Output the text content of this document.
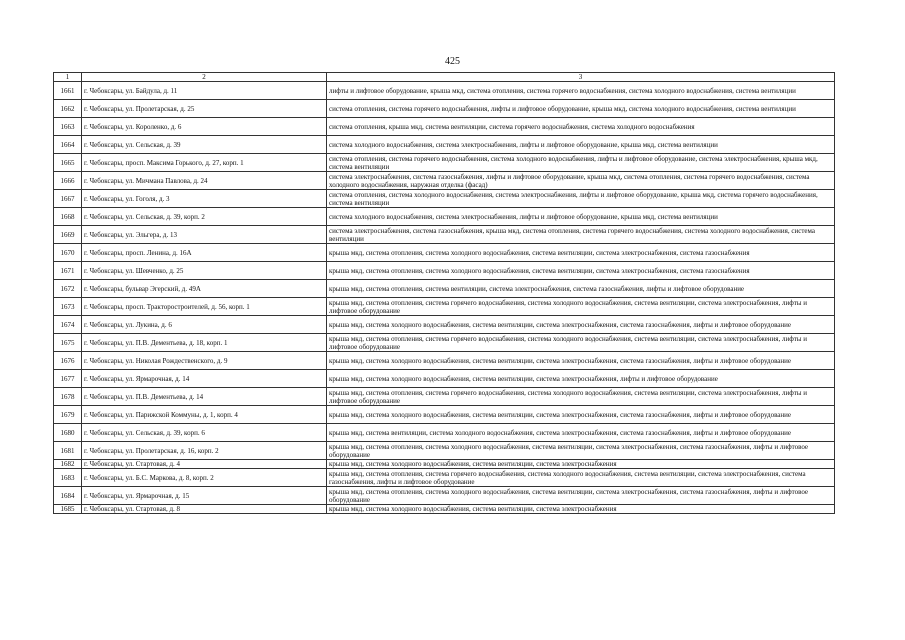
425
1	2	3
1661	г. Чебоксары, ул. Байдула, д. 11	лифты и лифтовое оборудование, крыша мкд, система отопления, система горячего водоснабжения, система холодного водоснабжения, система вентиляции
1662	г. Чебоксары, ул. Пролетарская, д. 25	система отопления, система горячего водоснабжения, лифты и лифтовое оборудование, крыша мкд, система холодного водоснабжения, система вентиляции
1663	г. Чебоксары, ул. Короленко, д. 6	система отопления, крыша мкд, система вентиляции, система горячего водоснабжения, система холодного водоснабжения
1664	г. Чебоксары, ул. Сельская, д. 39	система холодного водоснабжения, система электроснабжения, лифты и лифтовое оборудование, крыша мкд, система вентиляции
1665	г. Чебоксары, просп. Максима Горького, д. 27, корп. 1	система отопления, система горячего водоснабжения, система холодного водоснабжения, лифты и лифтовое оборудование, система электроснабжения, крыша мкд, система вентиляции
1666	г. Чебоксары, ул. Мичмана Павлова, д. 24	система электроснабжения, система газоснабжения, лифты и лифтовое оборудование, крыша мкд, система отопления, система горячего водоснабжения, система холодного водоснабжения, наружная отделка (фасад)
1667	г. Чебоксары, ул. Гоголя, д. 3	система отопления, система холодного водоснабжения, система электроснабжения, лифты и лифтовое оборудование, крыша мкд, система горячего водоснабжения, система вентиляции
1668	г. Чебоксары, ул. Сельская, д. 39, корп. 2	система холодного водоснабжения, система электроснабжения, лифты и лифтовое оборудование, крыша мкд, система вентиляции
1669	г. Чебоксары, ул. Эльгера, д. 13	система электроснабжения, система газоснабжения, крыша мкд, система отопления, система горячего водоснабжения, система холодного водоснабжения, система вентиляции
1670	г. Чебоксары, просп. Ленина, д. 16А	крыша мкд, система отопления, система холодного водоснабжения, система вентиляции, система электроснабжения, система газоснабжения
1671	г. Чебоксары, ул. Шевченко, д. 25	крыша мкд, система отопления, система холодного водоснабжения, система вентиляции, система электроснабжения, система газоснабжения
1672	г. Чебоксары, бульвар Эгерский, д. 49А	крыша мкд, система отопления, система вентиляции, система электроснабжения, система газоснабжения, лифты и лифтовое оборудование
1673	г. Чебоксары, просп. Тракторостроителей, д. 56, корп. 1	крыша мкд, система отопления, система горячего водоснабжения, система холодного водоснабжения, система вентиляции, система электроснабжения, лифты и лифтовое оборудование
1674	г. Чебоксары, ул. Лукина, д. 6	крыша мкд, система холодного водоснабжения, система вентиляции, система электроснабжения, система газоснабжения, лифты и лифтовое оборудование
1675	г. Чебоксары, ул. П.В. Дементьева, д. 18, корп. 1	крыша мкд, система отопления, система горячего водоснабжения, система холодного водоснабжения, система вентиляции, система электроснабжения, лифты и лифтовое оборудование
1676	г. Чебоксары, ул. Николая Рождественского, д. 9	крыша мкд, система холодного водоснабжения, система вентиляции, система электроснабжения, система газоснабжения, лифты и лифтовое оборудование
1677	г. Чебоксары, ул. Ярмарочная, д. 14	крыша мкд, система холодного водоснабжения, система вентиляции, система электроснабжения, лифты и лифтовое оборудование
1678	г. Чебоксары, ул. П.В. Дементьева, д. 14	крыша мкд, система отопления, система горячего водоснабжения, система холодного водоснабжения, система вентиляции, система электроснабжения, лифты и лифтовое оборудование
1679	г. Чебоксары, ул. Парижской Коммуны, д. 1, корп. 4	крыша мкд, система холодного водоснабжения, система вентиляции, система электроснабжения, система газоснабжения, лифты и лифтовое оборудование
1680	г. Чебоксары, ул. Сельская, д. 39, корп. 6	крыша мкд, система вентиляции, система холодного водоснабжения, система электроснабжения, система газоснабжения, лифты и лифтовое оборудование
1681	г. Чебоксары, ул. Пролетарская, д. 16, корп. 2	крыша мкд, система отопления, система холодного водоснабжения, система вентиляции, система электроснабжения, система газоснабжения, лифты и лифтовое оборудование
1682	г. Чебоксары, ул. Стартовая, д. 4	крыша мкд, система холодного водоснабжения, система вентиляции, система электроснабжения
1683	г. Чебоксары, ул. Б.С. Маркова, д. 8, корп. 2	крыша мкд, система отопления, система горячего водоснабжения, система холодного водоснабжения, система вентиляции, система электроснабжения, система газоснабжения, лифты и лифтовое оборудование
1684	г. Чебоксары, ул. Ярмарочная, д. 15	крыша мкд, система отопления, система холодного водоснабжения, система вентиляции, система электроснабжения, система газоснабжения, лифты и лифтовое оборудование
1685	г. Чебоксары, ул. Стартовая, д. 8	крыша мкд, система холодного водоснабжения, система вентиляции, система электроснабжения
